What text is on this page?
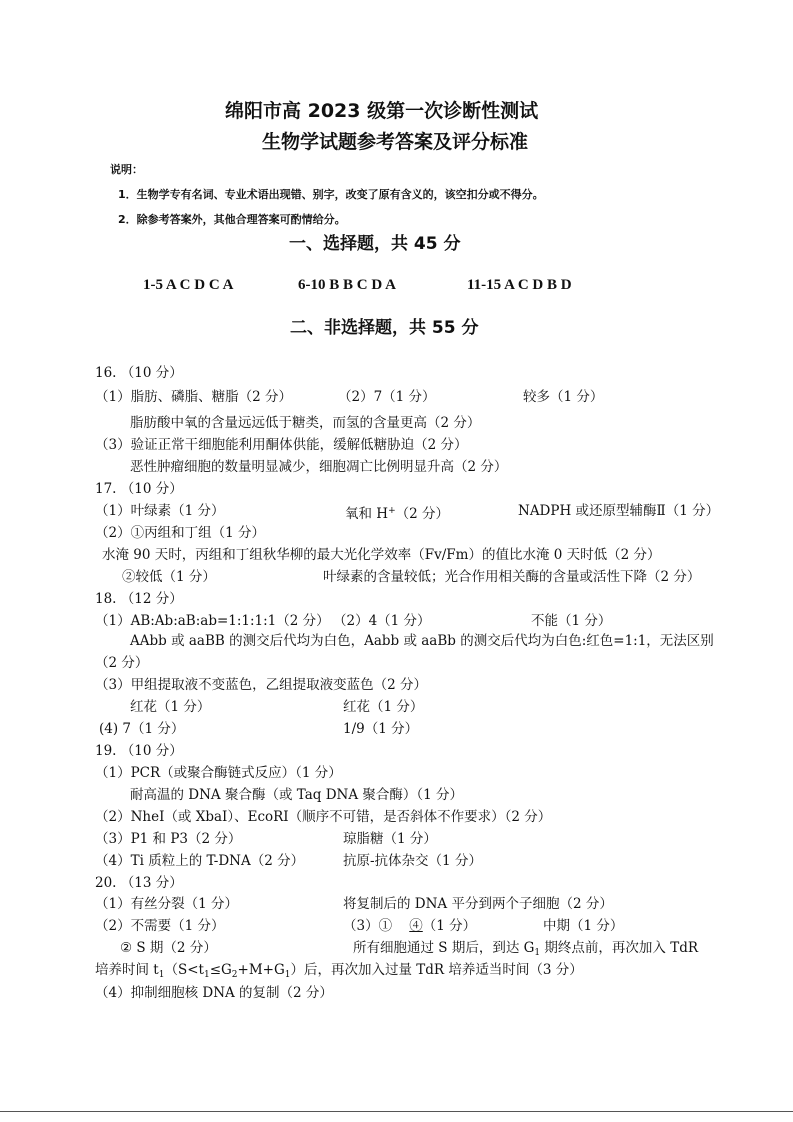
绵阳市高 2023 级第一次诊断性测试
生物学试题参考答案及评分标准
说明：
1．生物学专有名词、专业术语出现错、别字，改变了原有含义的，该空扣分或不得分。
2．除参考答案外，其他合理答案可酌情给分。
一、选择题，共 45 分
1-5 A C D C A	6-10 B B C D A	11-15 A C D B D
二、非选择题，共 55 分
16. （10 分）
（1）脂肪、磷脂、糖脂（2 分）	（2）7（1 分）	较多（1 分）
脂肪酸中氧的含量远远低于糖类，而氢的含量更高（2 分）
（3）验证正常干细胞能利用酮体供能，缓解低糖胁迫（2 分）
恶性肿瘤细胞的数量明显减少，细胞凋亡比例明显升高（2 分）
17. （10 分）
（1）叶绿素（1 分）	氧和 H+（2 分）	NADPH 或还原型辅酶Ⅱ（1 分）
（2）①丙组和丁组（1 分）
水淹 90 天时，丙组和丁组秋华柳的最大光化学效率（Fv/Fm）的值比水淹 0 天时低（2 分）
②较低（1 分）	叶绿素的含量较低；光合作用相关酶的含量或活性下降（2 分）
18. （12 分）
（1）AB:Ab:aB:ab=1:1:1:1（2 分） （2）4（1 分）	不能（1 分）
AAbb 或 aaBB 的测交后代均为白色，Aabb 或 aaBb 的测交后代均为白色:红色=1:1，无法区别
（2 分）
（3）甲组提取液不变蓝色，乙组提取液变蓝色（2 分）
红花（1 分）	红花（1 分）
(4) 7（1 分）	1/9（1 分）
19. （10 分）
（1）PCR（或聚合酶链式反应）（1 分）
耐高温的 DNA 聚合酶（或 Taq DNA 聚合酶）（1 分）
（2）NheⅠ（或 XbaⅠ）、EcoRⅠ（顺序不可错，是否斜体不作要求）（2 分）
（3）P1 和 P3（2 分）	琼脂糖（1 分）
（4）Ti 质粒上的 T-DNA（2 分）	抗原-抗体杂交（1 分）
20. （13 分）
（1）有丝分裂（1 分）	将复制后的 DNA 平分到两个子细胞（2 分）
（2）不需要（1 分）	（3）① ④（1 分）	中期（1 分）
② S 期（2 分）	所有细胞通过 S 期后，到达 $G_1$ 期终点前，再次加入 TdR
培养时间 $t_1(S<t_1\le G_2+M+G_1)$后，再次加入过量 TdR 培养适当时间（3 分）
（4）抑制细胞核 DNA 的复制（2 分）
